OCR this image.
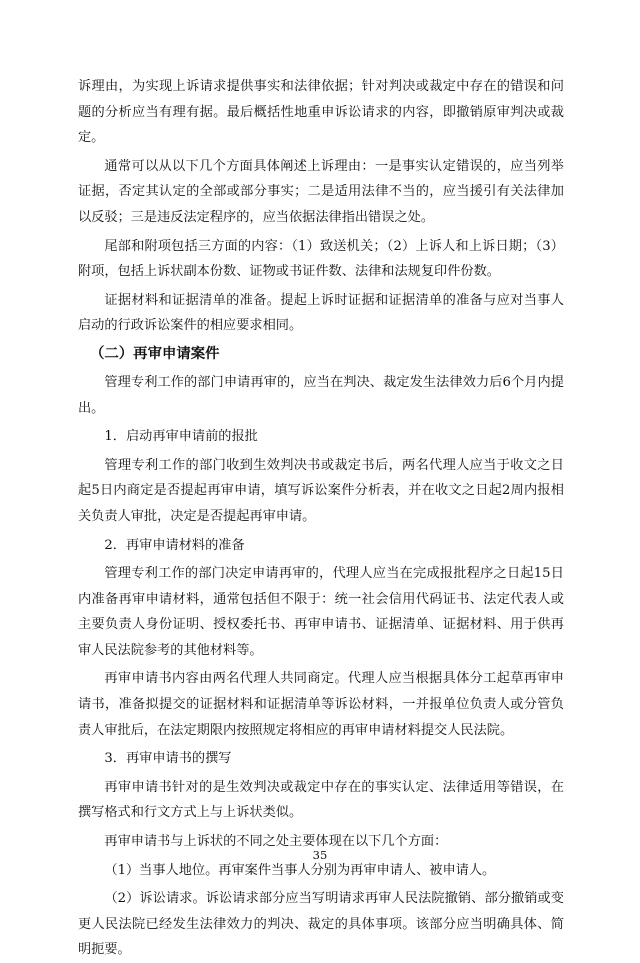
诉理由，为实现上诉请求提供事实和法律依据；针对判决或裁定中存在的错误和问题的分析应当有理有据。最后概括性地重申诉讼请求的内容，即撤销原审判决或裁定。

通常可以从以下几个方面具体阐述上诉理由：一是事实认定错误的，应当列举证据，否定其认定的全部或部分事实；二是适用法律不当的，应当援引有关法律加以反驳；三是违反法定程序的，应当依据法律指出错误之处。

尾部和附项包括三方面的内容：（1）致送机关；（2）上诉人和上诉日期；（3）附项，包括上诉状副本份数、证物或书证件数、法律和法规复印件份数。

证据材料和证据清单的准备。提起上诉时证据和证据清单的准备与应对当事人启动的行政诉讼案件的相应要求相同。

（二）再审申请案件

管理专利工作的部门申请再审的，应当在判决、裁定发生法律效力后6个月内提出。

1．启动再审申请前的报批

管理专利工作的部门收到生效判决书或裁定书后，两名代理人应当于收文之日起5日内商定是否提起再审申请，填写诉讼案件分析表，并在收文之日起2周内报相关负责人审批，决定是否提起再审申请。

2．再审申请材料的准备

管理专利工作的部门决定申请再审的，代理人应当在完成报批程序之日起15日内准备再审申请材料，通常包括但不限于：统一社会信用代码证书、法定代表人或主要负责人身份证明、授权委托书、再审申请书、证据清单、证据材料、用于供再审人民法院参考的其他材料等。

再审申请书内容由两名代理人共同商定。代理人应当根据具体分工起草再审申请书，准备拟提交的证据材料和证据清单等诉讼材料，一并报单位负责人或分管负责人审批后，在法定期限内按照规定将相应的再审申请材料提交人民法院。

3．再审申请书的撰写

再审申请书针对的是生效判决或裁定中存在的事实认定、法律适用等错误，在撰写格式和行文方式上与上诉状类似。

再审申请书与上诉状的不同之处主要体现在以下几个方面：

（1）当事人地位。再审案件当事人分别为再审申请人、被申请人。

（2）诉讼请求。诉讼请求部分应当写明请求再审人民法院撤销、部分撤销或变更人民法院已经发生法律效力的判决、裁定的具体事项。该部分应当明确具体、简明扼要。

35
